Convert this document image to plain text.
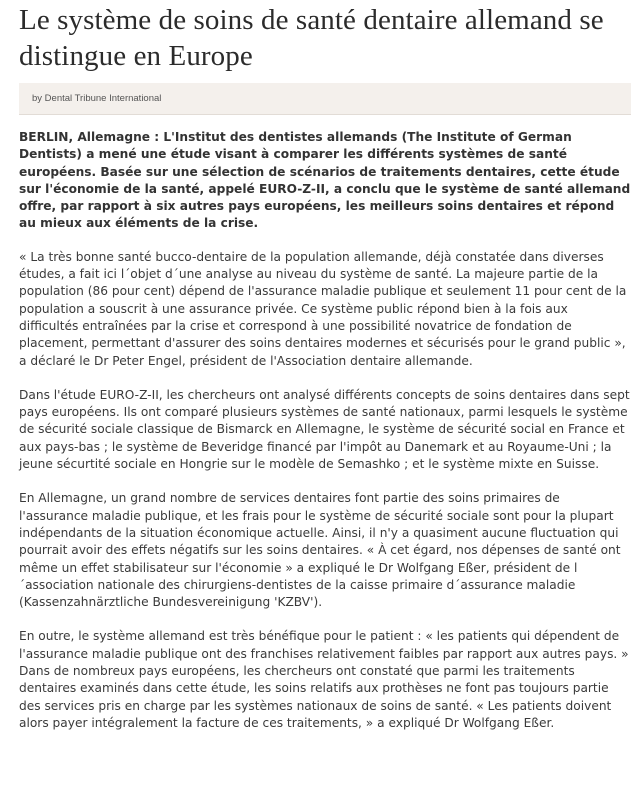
Le système de soins de santé dentaire allemand se distingue en Europe
by Dental Tribune International

BERLIN, Allemagne : L'Institut des dentistes allemands (The Institute of German Dentists) a mené une étude visant à comparer les différents systèmes de santé européens. Basée sur une sélection de scénarios de traitements dentaires, cette étude sur l'économie de la santé, appelé EURO-Z-II, a conclu que le système de santé allemand offre, par rapport à six autres pays européens, les meilleurs soins dentaires et répond au mieux aux éléments de la crise.

« La très bonne santé bucco-dentaire de la population allemande, déjà constatée dans diverses études, a fait ici l´objet d´une analyse au niveau du système de santé. La majeure partie de la population (86 pour cent) dépend de l'assurance maladie publique et seulement 11 pour cent de la population a souscrit à une assurance privée. Ce système public répond bien à la fois aux difficultés entraînées par la crise et correspond à une possibilité novatrice de fondation de placement, permettant d'assurer des soins dentaires modernes et sécurisés pour le grand public », a déclaré le Dr Peter Engel, président de l'Association dentaire allemande.

Dans l'étude EURO-Z-II, les chercheurs ont analysé différents concepts de soins dentaires dans sept pays européens. Ils ont comparé plusieurs systèmes de santé nationaux, parmi lesquels le système de sécurité sociale classique de Bismarck en Allemagne, le système de sécurité social en France et aux pays-bas ; le système de Beveridge financé par l'impôt au Danemark et au Royaume-Uni ; la jeune sécurtité sociale en Hongrie sur le modèle de Semashko ; et le système mixte en Suisse.

En Allemagne, un grand nombre de services dentaires font partie des soins primaires de l'assurance maladie publique, et les frais pour le système de sécurité sociale sont pour la plupart indépendants de la situation économique actuelle. Ainsi, il n'y a quasiment aucune fluctuation qui pourrait avoir des effets négatifs sur les soins dentaires. « À cet égard, nos dépenses de santé ont même un effet stabilisateur sur l'économie » a expliqué le Dr Wolfgang Eßer, président de l´association nationale des chirurgiens-dentistes de la caisse primaire d´assurance maladie (Kassenzahnärztliche Bundesvereinigung 'KZBV').

En outre, le système allemand est très bénéfique pour le patient : « les patients qui dépendent de l'assurance maladie publique ont des franchises relativement faibles par rapport aux autres pays. » Dans de nombreux pays européens, les chercheurs ont constaté que parmi les traitements dentaires examinés dans cette étude, les soins relatifs aux prothèses ne font pas toujours partie des services pris en charge par les systèmes nationaux de soins de santé. « Les patients doivent alors payer intégralement la facture de ces traitements, » a expliqué Dr Wolfgang Eßer.
